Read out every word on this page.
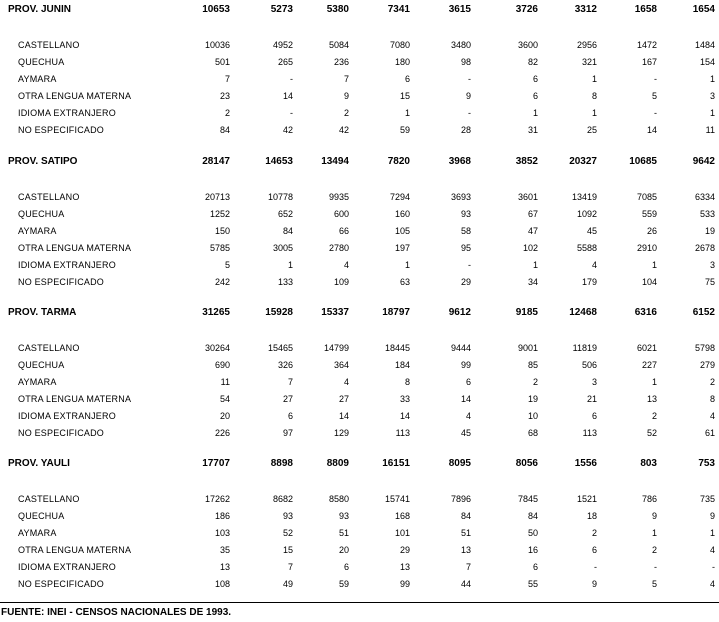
PROV. JUNIN	10653	5273	5380	7341	3615	3726	3312	1658	1654
CASTELLANO	10036	4952	5084	7080	3480	3600	2956	1472	1484
QUECHUA	501	265	236	180	98	82	321	167	154
AYMARA	7	-	7	6	-	6	1	-	1
OTRA LENGUA MATERNA	23	14	9	15	9	6	8	5	3
IDIOMA EXTRANJERO	2	-	2	1	-	1	1	-	1
NO ESPECIFICADO	84	42	42	59	28	31	25	14	11
PROV. SATIPO	28147	14653	13494	7820	3968	3852	20327	10685	9642
CASTELLANO	20713	10778	9935	7294	3693	3601	13419	7085	6334
QUECHUA	1252	652	600	160	93	67	1092	559	533
AYMARA	150	84	66	105	58	47	45	26	19
OTRA LENGUA MATERNA	5785	3005	2780	197	95	102	5588	2910	2678
IDIOMA EXTRANJERO	5	1	4	1	-	1	4	1	3
NO ESPECIFICADO	242	133	109	63	29	34	179	104	75
PROV. TARMA	31265	15928	15337	18797	9612	9185	12468	6316	6152
CASTELLANO	30264	15465	14799	18445	9444	9001	11819	6021	5798
QUECHUA	690	326	364	184	99	85	506	227	279
AYMARA	11	7	4	8	6	2	3	1	2
OTRA LENGUA MATERNA	54	27	27	33	14	19	21	13	8
IDIOMA EXTRANJERO	20	6	14	14	4	10	6	2	4
NO ESPECIFICADO	226	97	129	113	45	68	113	52	61
PROV. YAULI	17707	8898	8809	16151	8095	8056	1556	803	753
CASTELLANO	17262	8682	8580	15741	7896	7845	1521	786	735
QUECHUA	186	93	93	168	84	84	18	9	9
AYMARA	103	52	51	101	51	50	2	1	1
OTRA LENGUA MATERNA	35	15	20	29	13	16	6	2	4
IDIOMA EXTRANJERO	13	7	6	13	7	6	-	-	-
NO ESPECIFICADO	108	49	59	99	44	55	9	5	4
FUENTE: INEI - CENSOS NACIONALES DE 1993.
